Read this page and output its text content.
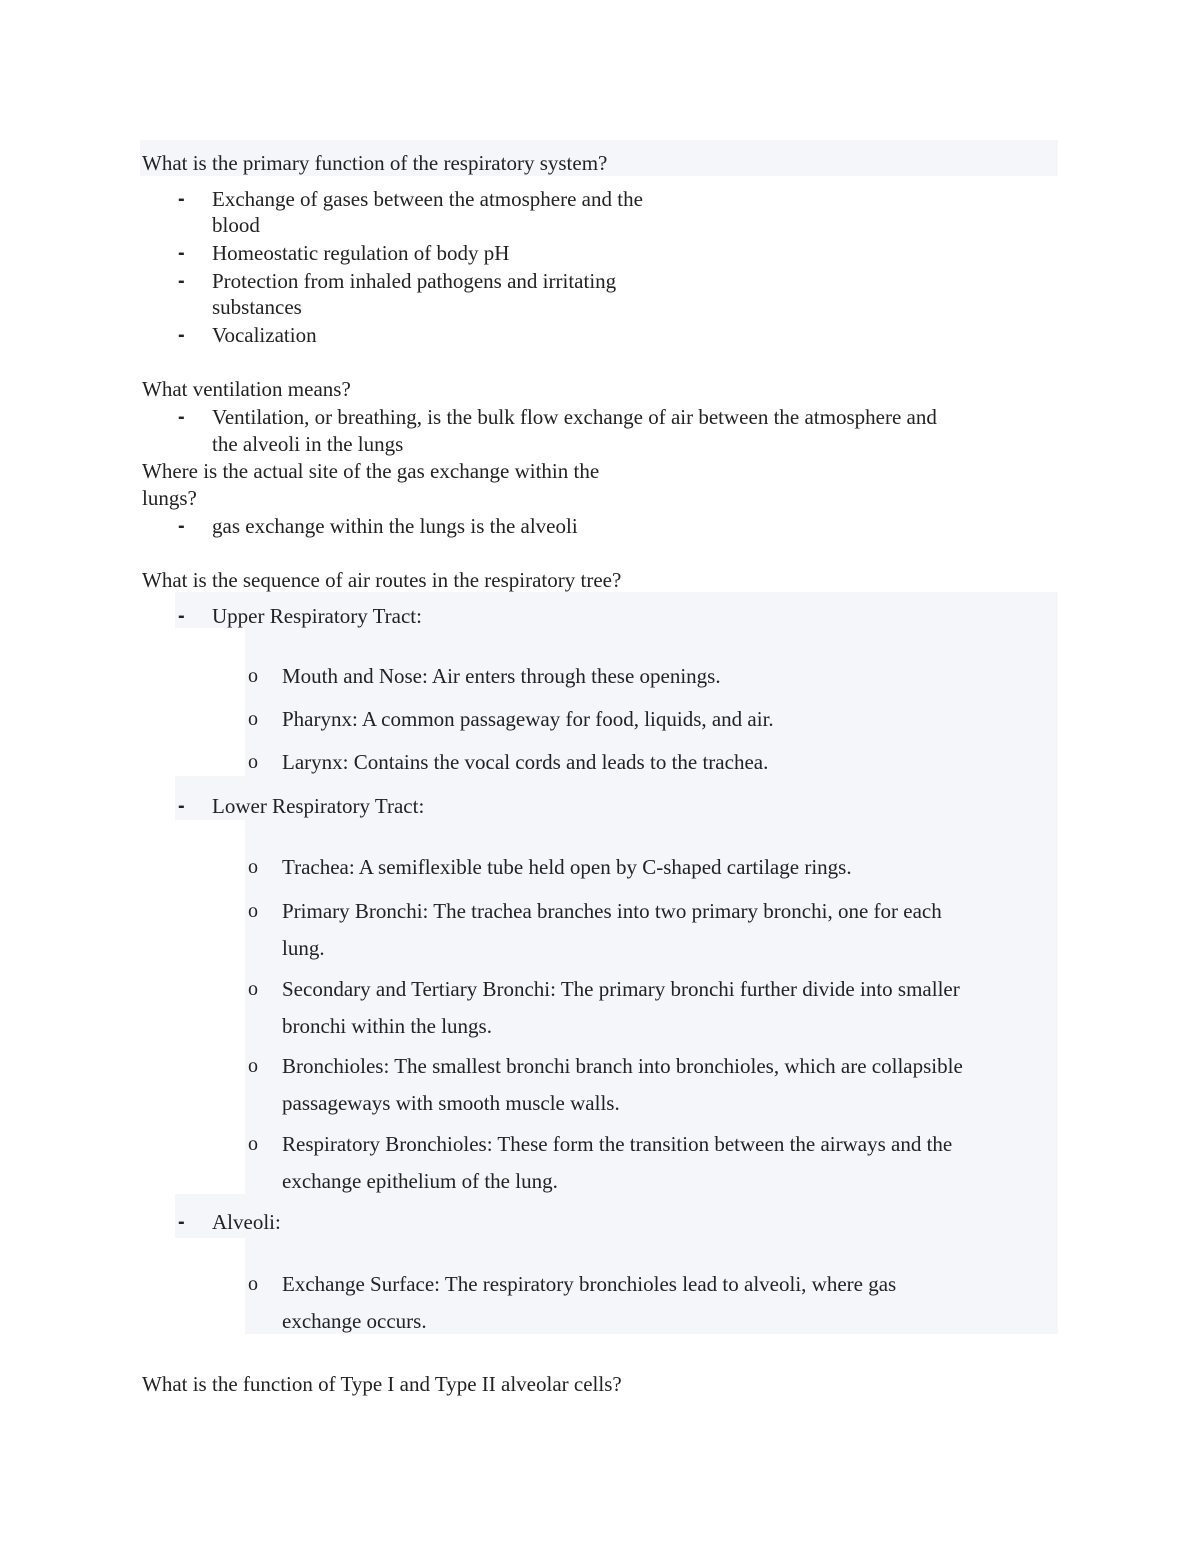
What is the primary function of the respiratory system?
- Exchange of gases between the atmosphere and the
blood
- Homeostatic regulation of body pH
- Protection from inhaled pathogens and irritating
substances
- Vocalization
What ventilation means?
- Ventilation, or breathing, is the bulk flow exchange of air between the atmosphere and
the alveoli in the lungs
Where is the actual site of the gas exchange within the
lungs?
- gas exchange within the lungs is the alveoli
What is the sequence of air routes in the respiratory tree?
- Upper Respiratory Tract:
o Mouth and Nose: Air enters through these openings.
o Pharynx: A common passageway for food, liquids, and air.
o Larynx: Contains the vocal cords and leads to the trachea.
- Lower Respiratory Tract:
o Trachea: A semiflexible tube held open by C-shaped cartilage rings.
o Primary Bronchi: The trachea branches into two primary bronchi, one for each
lung.
o Secondary and Tertiary Bronchi: The primary bronchi further divide into smaller
bronchi within the lungs.
o Bronchioles: The smallest bronchi branch into bronchioles, which are collapsible
passageways with smooth muscle walls.
o Respiratory Bronchioles: These form the transition between the airways and the
exchange epithelium of the lung.
- Alveoli:
o Exchange Surface: The respiratory bronchioles lead to alveoli, where gas
exchange occurs.
What is the function of Type I and Type II alveolar cells?
